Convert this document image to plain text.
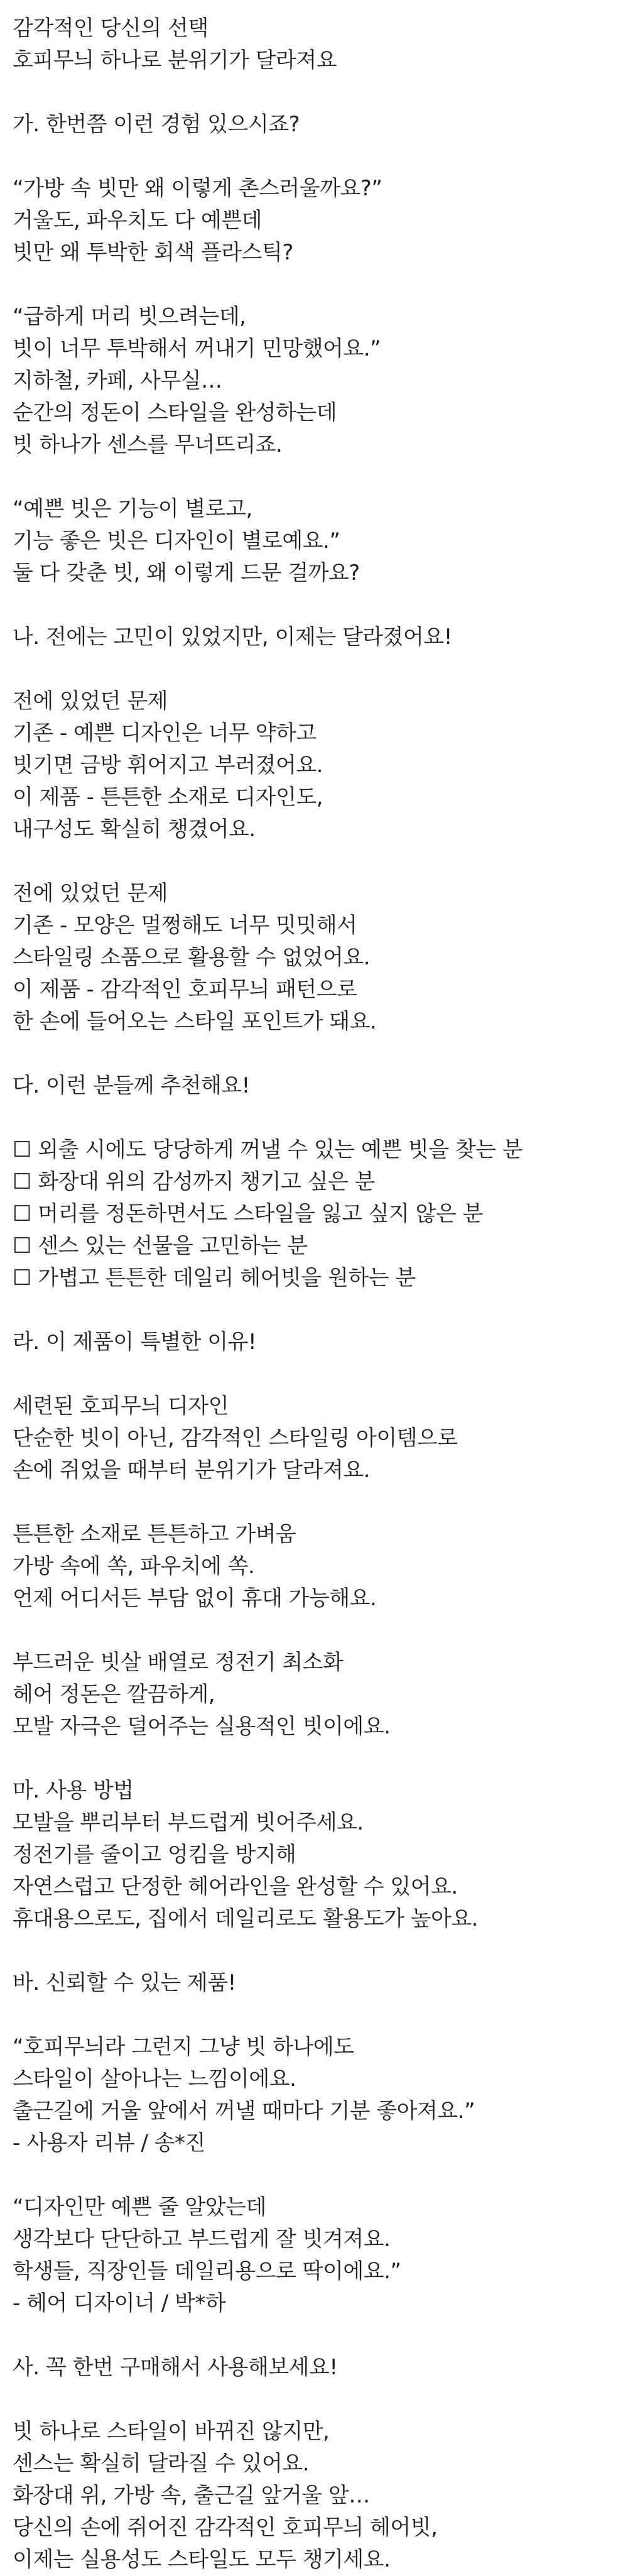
감각적인 당신의 선택
호피무늬 하나로 분위기가 달라져요
가. 한번쯤 이런 경험 있으시죠?
“가방 속 빗만 왜 이렇게 촌스러울까요?”
거울도, 파우치도 다 예쁜데
빗만 왜 투박한 회색 플라스틱?
“급하게 머리 빗으려는데,
빗이 너무 투박해서 꺼내기 민망했어요.”
지하철, 카페, 사무실…
순간의 정돈이 스타일을 완성하는데
빗 하나가 센스를 무너뜨리죠.
“예쁜 빗은 기능이 별로고,
기능 좋은 빗은 디자인이 별로예요.”
둘 다 갖춘 빗, 왜 이렇게 드문 걸까요?
나. 전에는 고민이 있었지만, 이제는 달라졌어요!
전에 있었던 문제
기존 - 예쁜 디자인은 너무 약하고
빗기면 금방 휘어지고 부러졌어요.
이 제품 - 튼튼한 소재로 디자인도,
내구성도 확실히 챙겼어요.
전에 있었던 문제
기존 - 모양은 멀쩡해도 너무 밋밋해서
스타일링 소품으로 활용할 수 없었어요.
이 제품 - 감각적인 호피무늬 패턴으로
한 손에 들어오는 스타일 포인트가 돼요.
다. 이런 분들께 추천해요!
☐ 외출 시에도 당당하게 꺼낼 수 있는 예쁜 빗을 찾는 분
☐ 화장대 위의 감성까지 챙기고 싶은 분
☐ 머리를 정돈하면서도 스타일을 잃고 싶지 않은 분
☐ 센스 있는 선물을 고민하는 분
☐ 가볍고 튼튼한 데일리 헤어빗을 원하는 분
라. 이 제품이 특별한 이유!
세련된 호피무늬 디자인
단순한 빗이 아닌, 감각적인 스타일링 아이템으로
손에 쥐었을 때부터 분위기가 달라져요.
튼튼한 소재로 튼튼하고 가벼움
가방 속에 쏙, 파우치에 쏙.
언제 어디서든 부담 없이 휴대 가능해요.
부드러운 빗살 배열로 정전기 최소화
헤어 정돈은 깔끔하게,
모발 자극은 덜어주는 실용적인 빗이에요.
마. 사용 방법
모발을 뿌리부터 부드럽게 빗어주세요.
정전기를 줄이고 엉킴을 방지해
자연스럽고 단정한 헤어라인을 완성할 수 있어요.
휴대용으로도, 집에서 데일리로도 활용도가 높아요.
바. 신뢰할 수 있는 제품!
“호피무늬라 그런지 그냥 빗 하나에도
스타일이 살아나는 느낌이에요.
출근길에 거울 앞에서 꺼낼 때마다 기분 좋아져요.”
- 사용자 리뷰 / 송*진
“디자인만 예쁜 줄 알았는데
생각보다 단단하고 부드럽게 잘 빗겨져요.
학생들, 직장인들 데일리용으로 딱이에요.”
- 헤어 디자이너 / 박*하
사. 꼭 한번 구매해서 사용해보세요!
빗 하나로 스타일이 바뀌진 않지만,
센스는 확실히 달라질 수 있어요.
화장대 위, 가방 속, 출근길 앞거울 앞…
당신의 손에 쥐어진 감각적인 호피무늬 헤어빗,
이제는 실용성도 스타일도 모두 챙기세요.
